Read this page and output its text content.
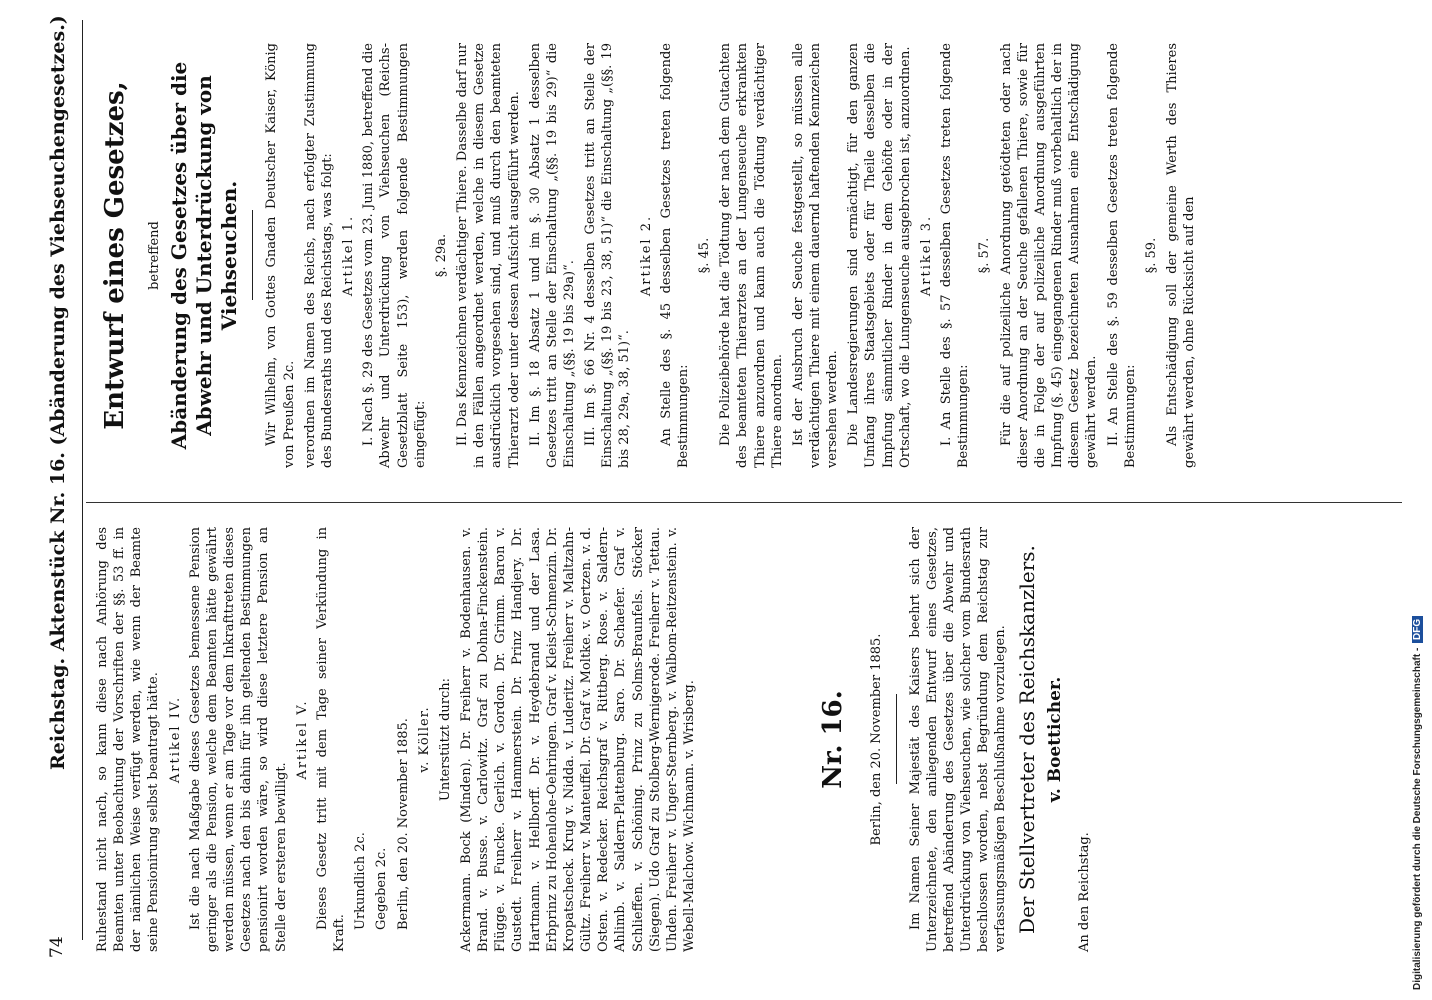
74
Reichstag. Aktenstück Nr. 16. (Abänderung des Viehseuchengesetzes.) Ruhestand nicht nach, so kann diese nach Anhörung des Beamten unter Beobachtung der Vorschriften der §§. 53 ff. in der nämlichen Weise verfügt werden, wie wenn der Beamte seine Pensionirung selbst beantragt hätte. Artikel IV. Ist die nach Maßgabe dieses Gesetzes bemessene Pension geringer als die Pension, welche dem Beamten hätte gewährt werden müssen, wenn er am Tage vor dem Inkrafttreten dieses Gesetzes nach den bis dahin für ihn geltenden Bestimmungen pensionirt worden wäre, so wird diese letztere Pension an Stelle der ersteren bewilligt.

Artikel V. Dieses Gesetz tritt mit dem Tage seiner Verkündung in Kraft.

Urkundlich 2c. Gegeben 2c. Berlin, den 20. November 1885. v. Köller. Unterstützt durch: Ackermann. Bock (Minden). Dr. Freiherr v. Bodenhausen. v. Brand. v. Busse. v. Carlowitz. Graf zu Dohna-Finckenstein. Flügge. v. Funcke. Gerlich. v. Gordon. Dr. Grimm. Baron v. Gustedt. Freiherr v. Hammerstein. Dr. Prinz Handjery. Dr. Hartmann. v. Hellborff. Dr. v. Heydebrand und der Lasa. Erbprinz zu Hohenlohe-Oehringen. Graf v. Kleist-Schmenzin. Dr. Kropatscheck. Krug v. Nidda. v. Luderitz. Freiherr v. Maltzahn-Gültz. Freiherr v. Manteuffel. Dr. Graf v. Moltke. v. Oertzen. v. d. Osten. v. Redecker. Reichsgraf v. Rittberg. Rose. v. Saldern-Ahlimb. v. Saldern-Plattenburg. Saro. Dr. Schaefer. Graf v. Schlieffen. v. Schöning. Prinz zu Solms-Braunfels. Stöcker (Siegen). Udo Graf zu Stolberg-Wernigerode. Freiherr v. Tettau. Uhden. Freiherr v. Unger-Sternberg. v. Walbom-Reitzenstein. v. Webell-Malchow. Wichmann. v. Wrisberg.	Nr. 16. Berlin, den 20. November 1885. Im Namen Seiner Majestät des Kaisers beehrt sich der Unterzeichnete, den anliegenden Entwurf eines Gesetzes, betreffend Abänderung des Gesetzes über die Abwehr und Unterdrückung von Viehseuchen, wie solcher vom Bundesrath beschlossen worden, nebst Begründung dem Reichstag zur verfassungsmäßigen Beschlußnahme vorzulegen. Der Stellvertreter des Reichskanzlers. v. Boetticher.

An den Reichstag.

Entwurf eines Gesetzes, betreffend Abänderung des Gesetzes über die Abwehr und Unterdrückung von Viehseuchen. Wir Wilhelm, von Gottes Gnaden Deutscher Kaiser, König von Preußen 2c. verordnen im Namen des Reichs, nach erfolgter Zustimmung des Bundesraths und des Reichstags, was folgt: Artikel 1. I. Nach §. 29 des Gesetzes vom 23. Juni 1880, betreffend die Abwehr und Unterdrückung von Viehseuchen (Reichs-Gesetzblatt Seite 153), werden folgende Bestimmungen eingefügt:

§. 29a. II. Das Kennzeichnen verdächtiger Thiere. Dasselbe darf nur in den Fällen angeordnet werden, welche in diesem Gesetze ausdrücklich vorgesehen sind, und muß durch den beamteten Thierarzt oder unter dessen Aufsicht ausgeführt werden. II. Im §. 18 Absatz 1 und im §. 30 Absatz 1 desselben Gesetzes tritt an Stelle der Einschaltung „(§§. 19 bis 29)“ die Einschaltung „(§§. 19 bis 29a)“. III. Im §. 66 Nr. 4 desselben Gesetzes tritt an Stelle der Einschaltung „(§§. 19 bis 23, 38, 51)“ die Einschaltung „(§§. 19 bis 28, 29a, 38, 51)“.

Artikel 2. An Stelle des §. 45 desselben Gesetzes treten folgende Bestimmungen:

§. 45. Die Polizeibehörde hat die Tödtung der nach dem Gutachten des beamteten Thierarztes an der Lungenseuche erkrankten Thiere anzuordnen und kann auch die Tödtung verdächtiger Thiere anordnen. Ist der Ausbruch der Seuche festgestellt, so müssen alle verdächtigen Thiere mit einem dauernd haftenden Kennzeichen versehen werden. Die Landesregierungen sind ermächtigt, für den ganzen Umfang ihres Staatsgebiets oder für Theile desselben die Impfung sämmtlicher Rinder in dem Gehöfte oder in der Ortschaft, wo die Lungenseuche ausgebrochen ist, anzuordnen. Artikel 3. I. An Stelle des §. 57 desselben Gesetzes treten folgende Bestimmungen:

§. 57. Für die auf polizeiliche Anordnung getödteten oder nach dieser Anordnung an der Seuche gefallenen Thiere, sowie für die in Folge der auf polizeiliche Anordnung ausgeführten Impfung (§. 45) eingegangenen Rinder muß vorbehaltlich der in diesem Gesetz bezeichneten Ausnahmen eine Entschädigung gewährt werden. II. An Stelle des §. 59 desselben Gesetzes treten folgende Bestimmungen:

§. 59. Als Entschädigung soll der gemeine Werth des Thieres gewährt werden, ohne Rücksicht auf den

Digitalisierung gefördert durch die Deutsche Forschungsgemeinschaft - DFG
